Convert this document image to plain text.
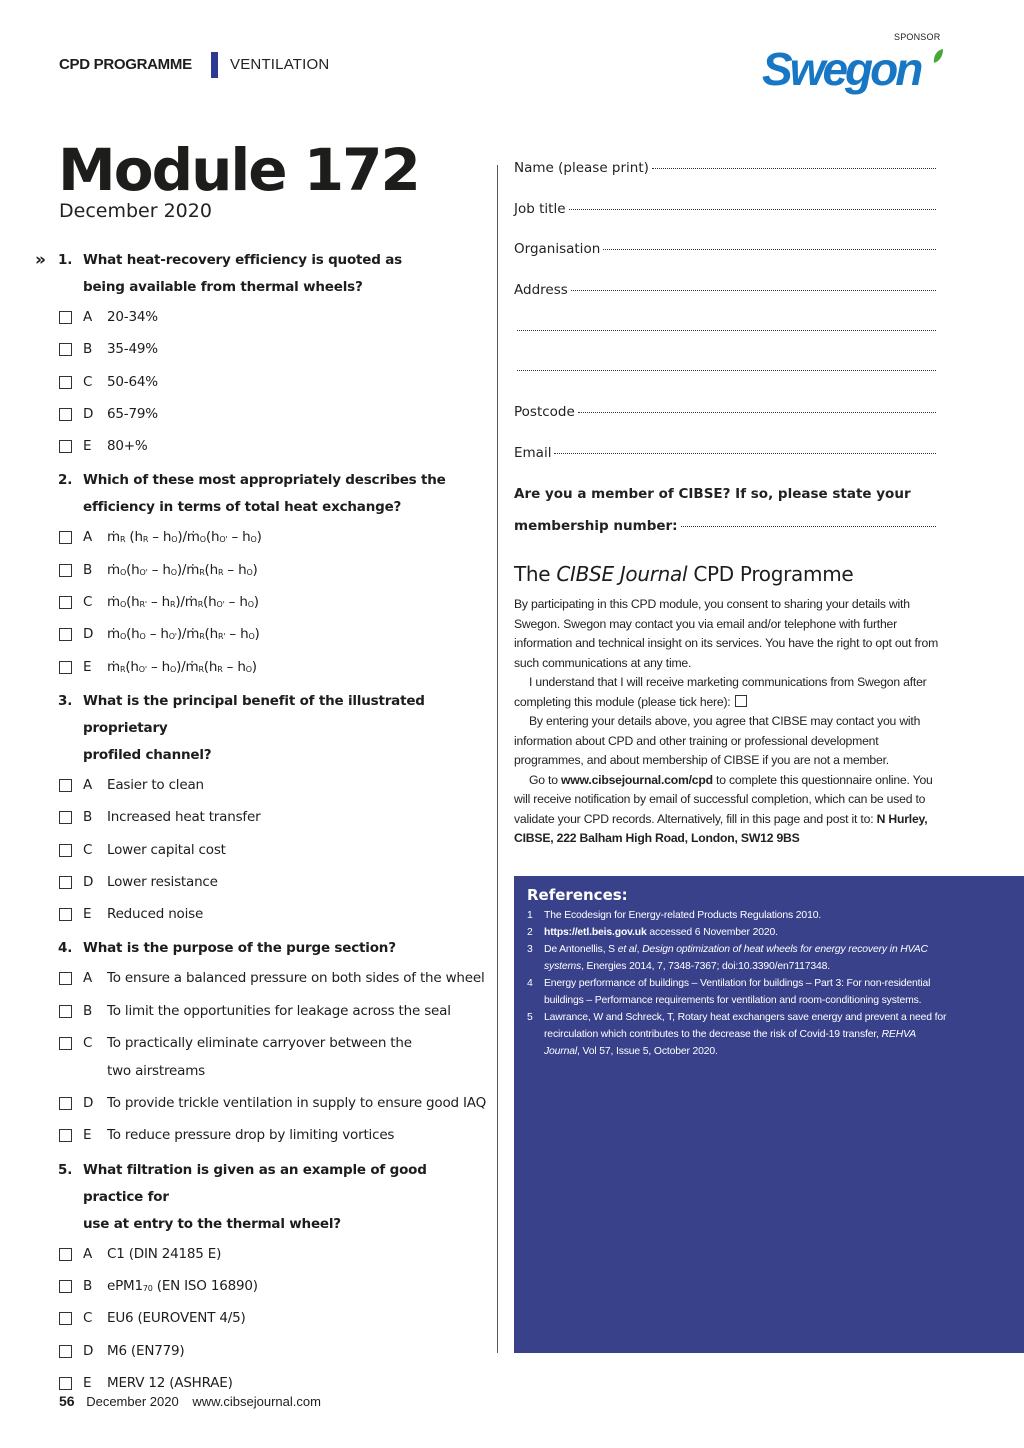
CPD PROGRAMME	VENTILATION
SPONSOR
Swegon
Module 172
December 2020
» 1. What heat-recovery efficiency is quoted as
being available from thermal wheels?
A 20-34%
B 35-49%
C 50-64%
D 65-79%
E 80+%
2. Which of these most appropriately describes the
efficiency in terms of total heat exchange?
A ṁ$_R$ ($h_R$ – $h_O)/ṁ_O(h_{O'} - h_O)$
B $ṁ_O(h_{O'}$ – $h_O)/ṁ_R(h_R - h_O)$
C $ṁ_O(h_{R'}$ – $h_R)/ṁ_R(h_{O'} - h_O)$
D $ṁ_O(h_O$ – $h_{O'})/ṁ_R(h_{R'} - h_O)$
E $ṁ_R(h_{O'}$ – $h_O)/ṁ_R(h_R - h_O)$
3. What is the principal benefit of the illustrated proprietary
profiled channel?
A Easier to clean
B Increased heat transfer
C Lower capital cost
D Lower resistance
E Reduced noise
4. What is the purpose of the purge section?
A To ensure a balanced pressure on both sides of the wheel
B To limit the opportunities for leakage across the seal
C To practically eliminate carryover between the
two airstreams
D To provide trickle ventilation in supply to ensure good IAQ
E To reduce pressure drop by limiting vortices
5. What filtration is given as an example of good practice for
use at entry to the thermal wheel?
A C1 (DIN 24185 E)
B $ePM1_{70}$ (EN ISO 16890)
C EU6 (EUROVENT 4/5)
D M6 (EN779)
E MERV 12 (ASHRAE)
Name (please print)
Job title
Organisation
Address
Postcode
Email
Are you a member of CIBSE? If so, please state your
membership number:
The CIBSE Journal CPD Programme

By participating in this CPD module, you consent to sharing your details with Swegon. Swegon may contact you via email and/or telephone with further information and technical insight on its services. You have the right to opt out from such communications at any time.

I understand that I will receive marketing communications from Swegon after completing this module (please tick here):

By entering your details above, you agree that CIBSE may contact you with information about CPD and other training or professional development programmes, and about membership of CIBSE if you are not a member.

Go to www.cibsejournal.com/cpd to complete this questionnaire online. You will receive notification by email of successful completion, which can be used to validate your CPD records. Alternatively, fill in this page and post it to: N Hurley, CIBSE, 222 Balham High Road, London, SW12 9BS

References:
1 The Ecodesign for Energy-related Products Regulations 2010.
2 https://etl.beis.gov.uk accessed 6 November 2020.
3 De Antonellis, S et al, Design optimization of heat wheels for energy recovery in HVAC systems, Energies 2014, 7, 7348-7367; doi:10.3390/en7117348.
4 Energy performance of buildings – Ventilation for buildings – Part 3: For non-residential buildings – Performance requirements for ventilation and room-conditioning systems.
5 Lawrance, W and Schreck, T, Rotary heat exchangers save energy and prevent a need for recirculation which contributes to the decrease the risk of Covid-19 transfer, REHVA Journal, Vol 57, Issue 5, October 2020.
56 December 2020 www.cibsejournal.com
